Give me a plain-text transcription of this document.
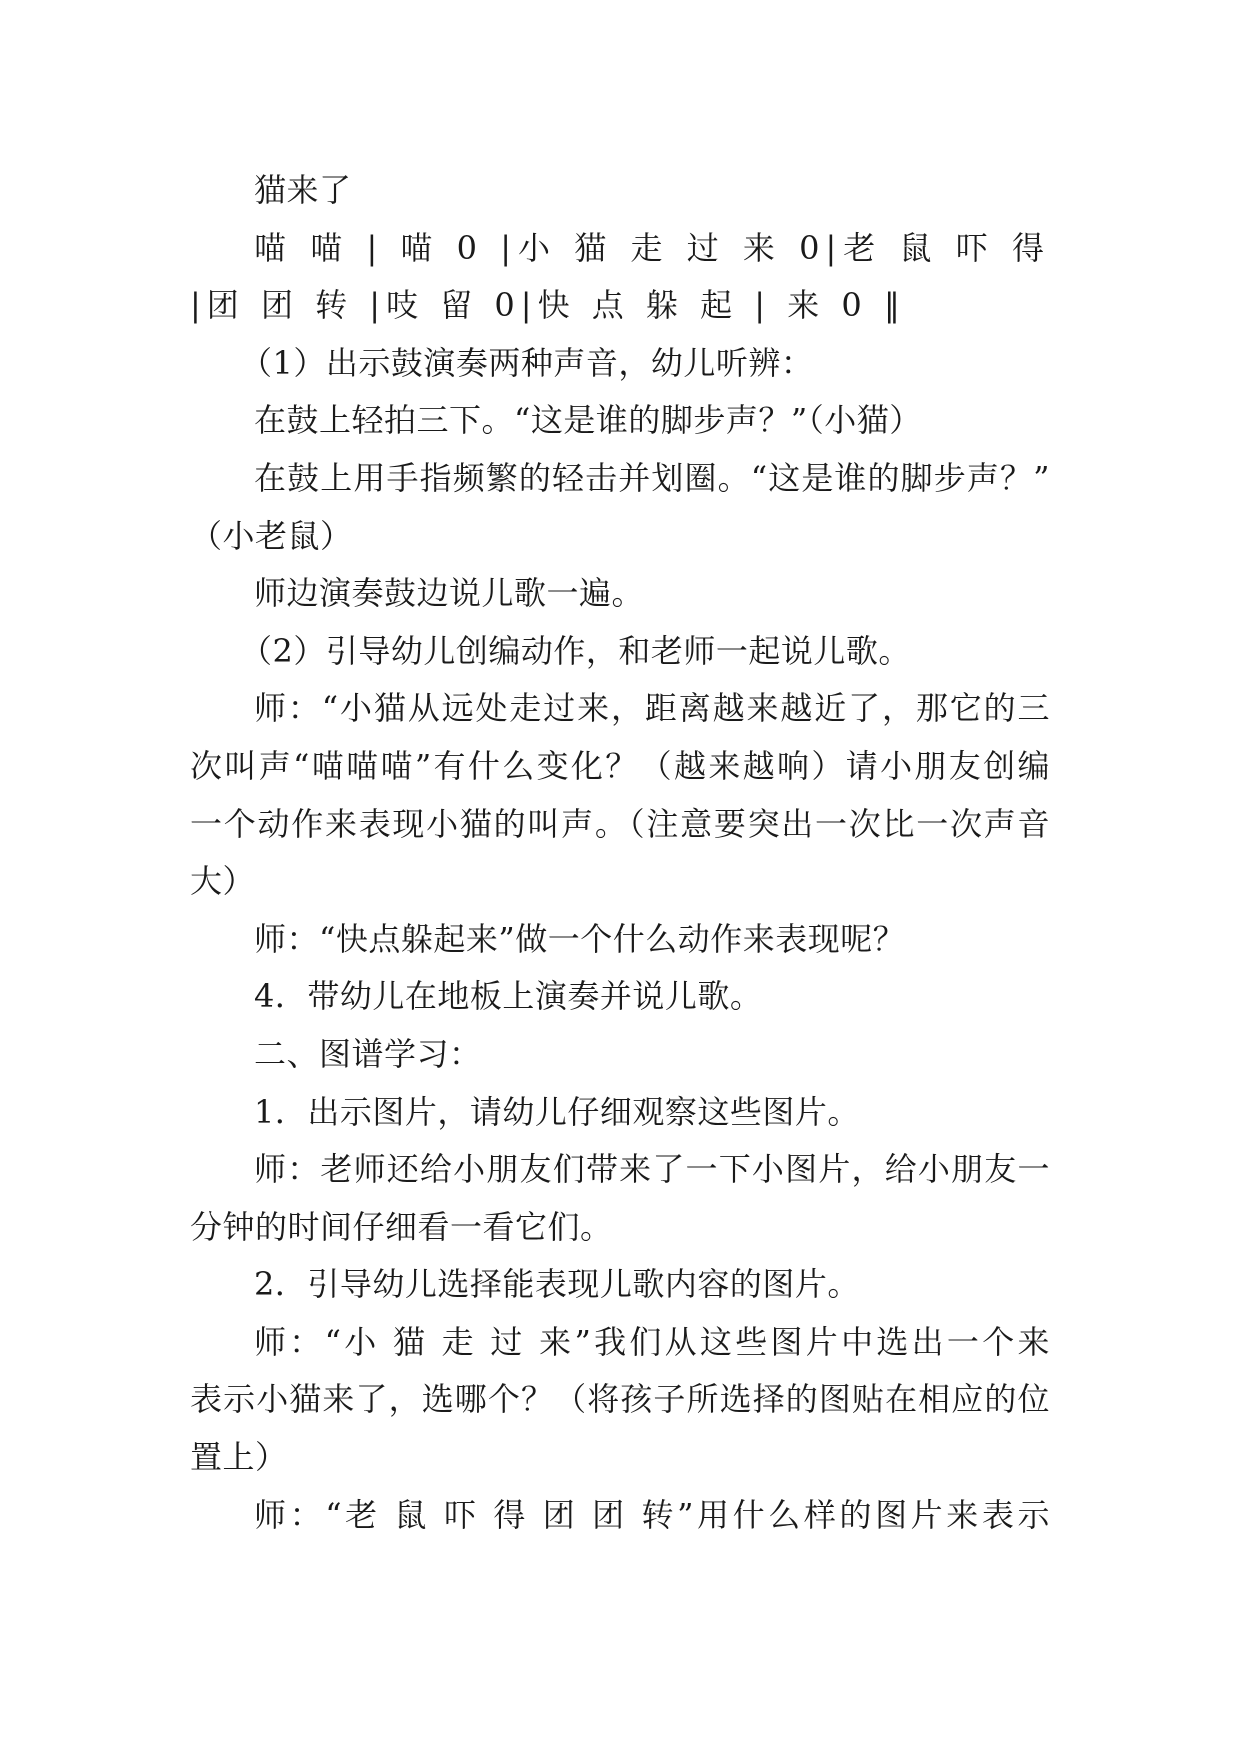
猫来了
喵 喵 | 喵 0 |小 猫 走 过 来 0|老 鼠 吓 得
|团 团 转 |吱 留 0|快 点 躲 起 | 来 0 ‖
（1）出示鼓演奏两种声音，幼儿听辨：
在鼓上轻拍三下。“这是谁的脚步声？”（小猫）
在鼓上用手指频繁的轻击并划圈。“这是谁的脚步声？”
（小老鼠）
师边演奏鼓边说儿歌一遍。
（2）引导幼儿创编动作，和老师一起说儿歌。
师：“小猫从远处走过来，距离越来越近了，那它的三
次叫声“喵喵喵”有什么变化？（越来越响）请小朋友创编
一个动作来表现小猫的叫声。（注意要突出一次比一次声音
大）
师：“快点躲起来”做一个什么动作来表现呢？
4．带幼儿在地板上演奏并说儿歌。
二、图谱学习：
1．出示图片，请幼儿仔细观察这些图片。
师：老师还给小朋友们带来了一下小图片，给小朋友一
分钟的时间仔细看一看它们。
2．引导幼儿选择能表现儿歌内容的图片。
师：“小 猫 走 过 来”我们从这些图片中选出一个来
表示小猫来了，选哪个？（将孩子所选择的图贴在相应的位
置上）
师：“老 鼠 吓 得 团 团 转”用什么样的图片来表示
